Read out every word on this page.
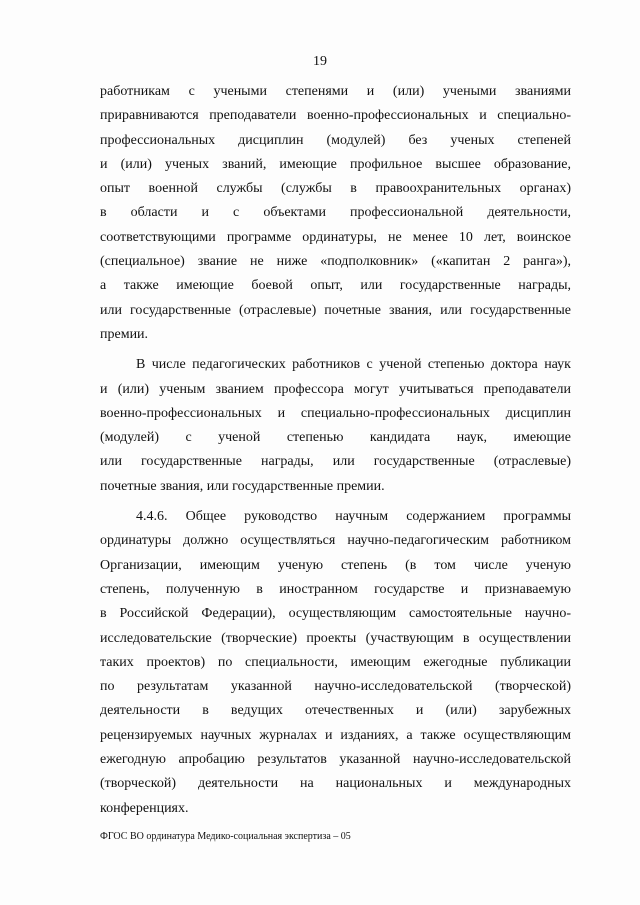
19

работникам с учеными степенями и (или) учеными званиями

приравниваются преподаватели военно-профессиональных и специально-

профессиональных дисциплин (модулей) без ученых степеней

и (или) ученых званий, имеющие профильное высшее образование,

опыт военной службы (службы в правоохранительных органах)

в области и с объектами профессиональной деятельности,

соответствующими программе ординатуры, не менее 10 лет, воинское

(специальное) звание не ниже «подполковник» («капитан 2 ранга»),

а также имеющие боевой опыт, или государственные награды,

или государственные (отраслевые) почетные звания, или государственные

премии.

В числе педагогических работников с ученой степенью доктора наук

и (или) ученым званием профессора могут учитываться преподаватели

военно-профессиональных и специально-профессиональных дисциплин

(модулей) с ученой степенью кандидата наук, имеющие

или государственные награды, или государственные (отраслевые)

почетные звания, или государственные премии.

4.4.6. Общее руководство научным содержанием программы

ординатуры должно осуществляться научно-педагогическим работником

Организации, имеющим ученую степень (в том числе ученую

степень, полученную в иностранном государстве и признаваемую

в Российской Федерации), осуществляющим самостоятельные научно-

исследовательские (творческие) проекты (участвующим в осуществлении

таких проектов) по специальности, имеющим ежегодные публикации

по результатам указанной научно-исследовательской (творческой)

деятельности в ведущих отечественных и (или) зарубежных

рецензируемых научных журналах и изданиях, а также осуществляющим

ежегодную апробацию результатов указанной научно-исследовательской

(творческой) деятельности на национальных и международных

конференциях.

ФГОС ВО ординатура Медико-социальная экспертиза – 05
